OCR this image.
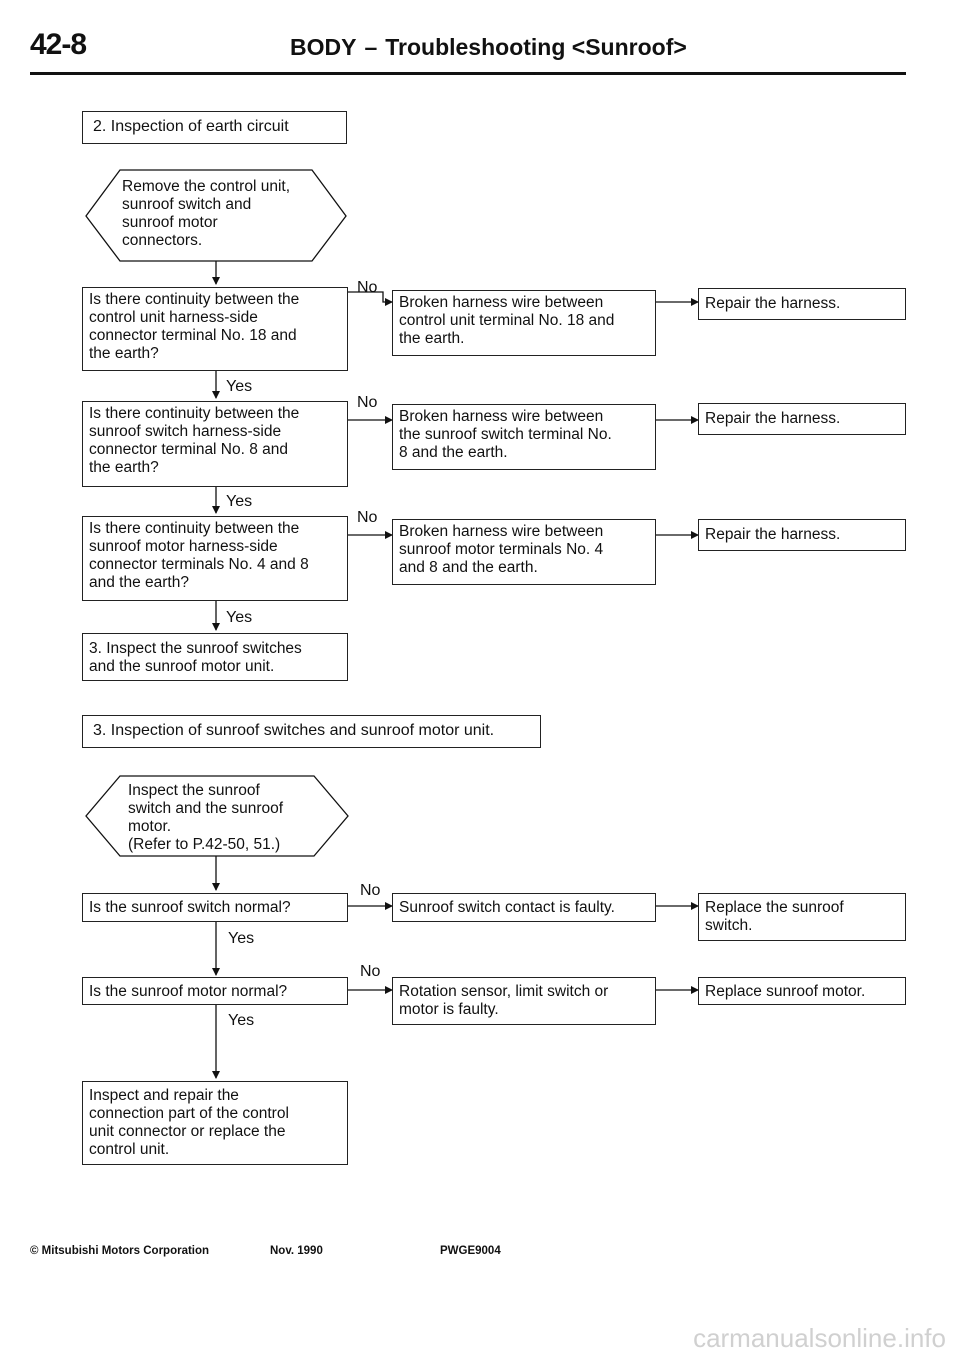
42-8	BODY – Troubleshooting <Sunroof>
2. Inspection of earth circuit
Remove the control unit,
sunroof switch and
sunroof motor
connectors.
Is there continuity between the
control unit harness-side
connector terminal No. 18 and
the earth?
No
Broken harness wire between
control unit terminal No. 18 and
the earth.
Repair the harness.
Yes
Is there continuity between the
sunroof switch harness-side
connector terminal No. 8 and
the earth?
No
Broken harness wire between
the sunroof switch terminal No.
8 and the earth.
Repair the harness.
Yes
Is there continuity between the
sunroof motor harness-side
connector terminals No. 4 and 8
and the earth?
No
Broken harness wire between
sunroof motor terminals No. 4
and 8 and the earth.
Repair the harness.
Yes
3. Inspect the sunroof switches
and the sunroof motor unit.
3. Inspection of sunroof switches and sunroof motor unit.
Inspect the sunroof
switch and the sunroof
motor.
(Refer to P.42-50, 51.)
Is the sunroof switch normal?
No
Sunroof switch contact is faulty.	Replace the sunroof
switch.
Yes
Is the sunroof motor normal?
No
Rotation sensor, limit switch or
motor is faulty.
Replace sunroof motor.
Yes
Inspect and repair the
connection part of the control
unit connector or replace the
control unit.
© Mitsubishi Motors Corporation	Nov. 1990	PWGE9004
carmanualsonline.info
